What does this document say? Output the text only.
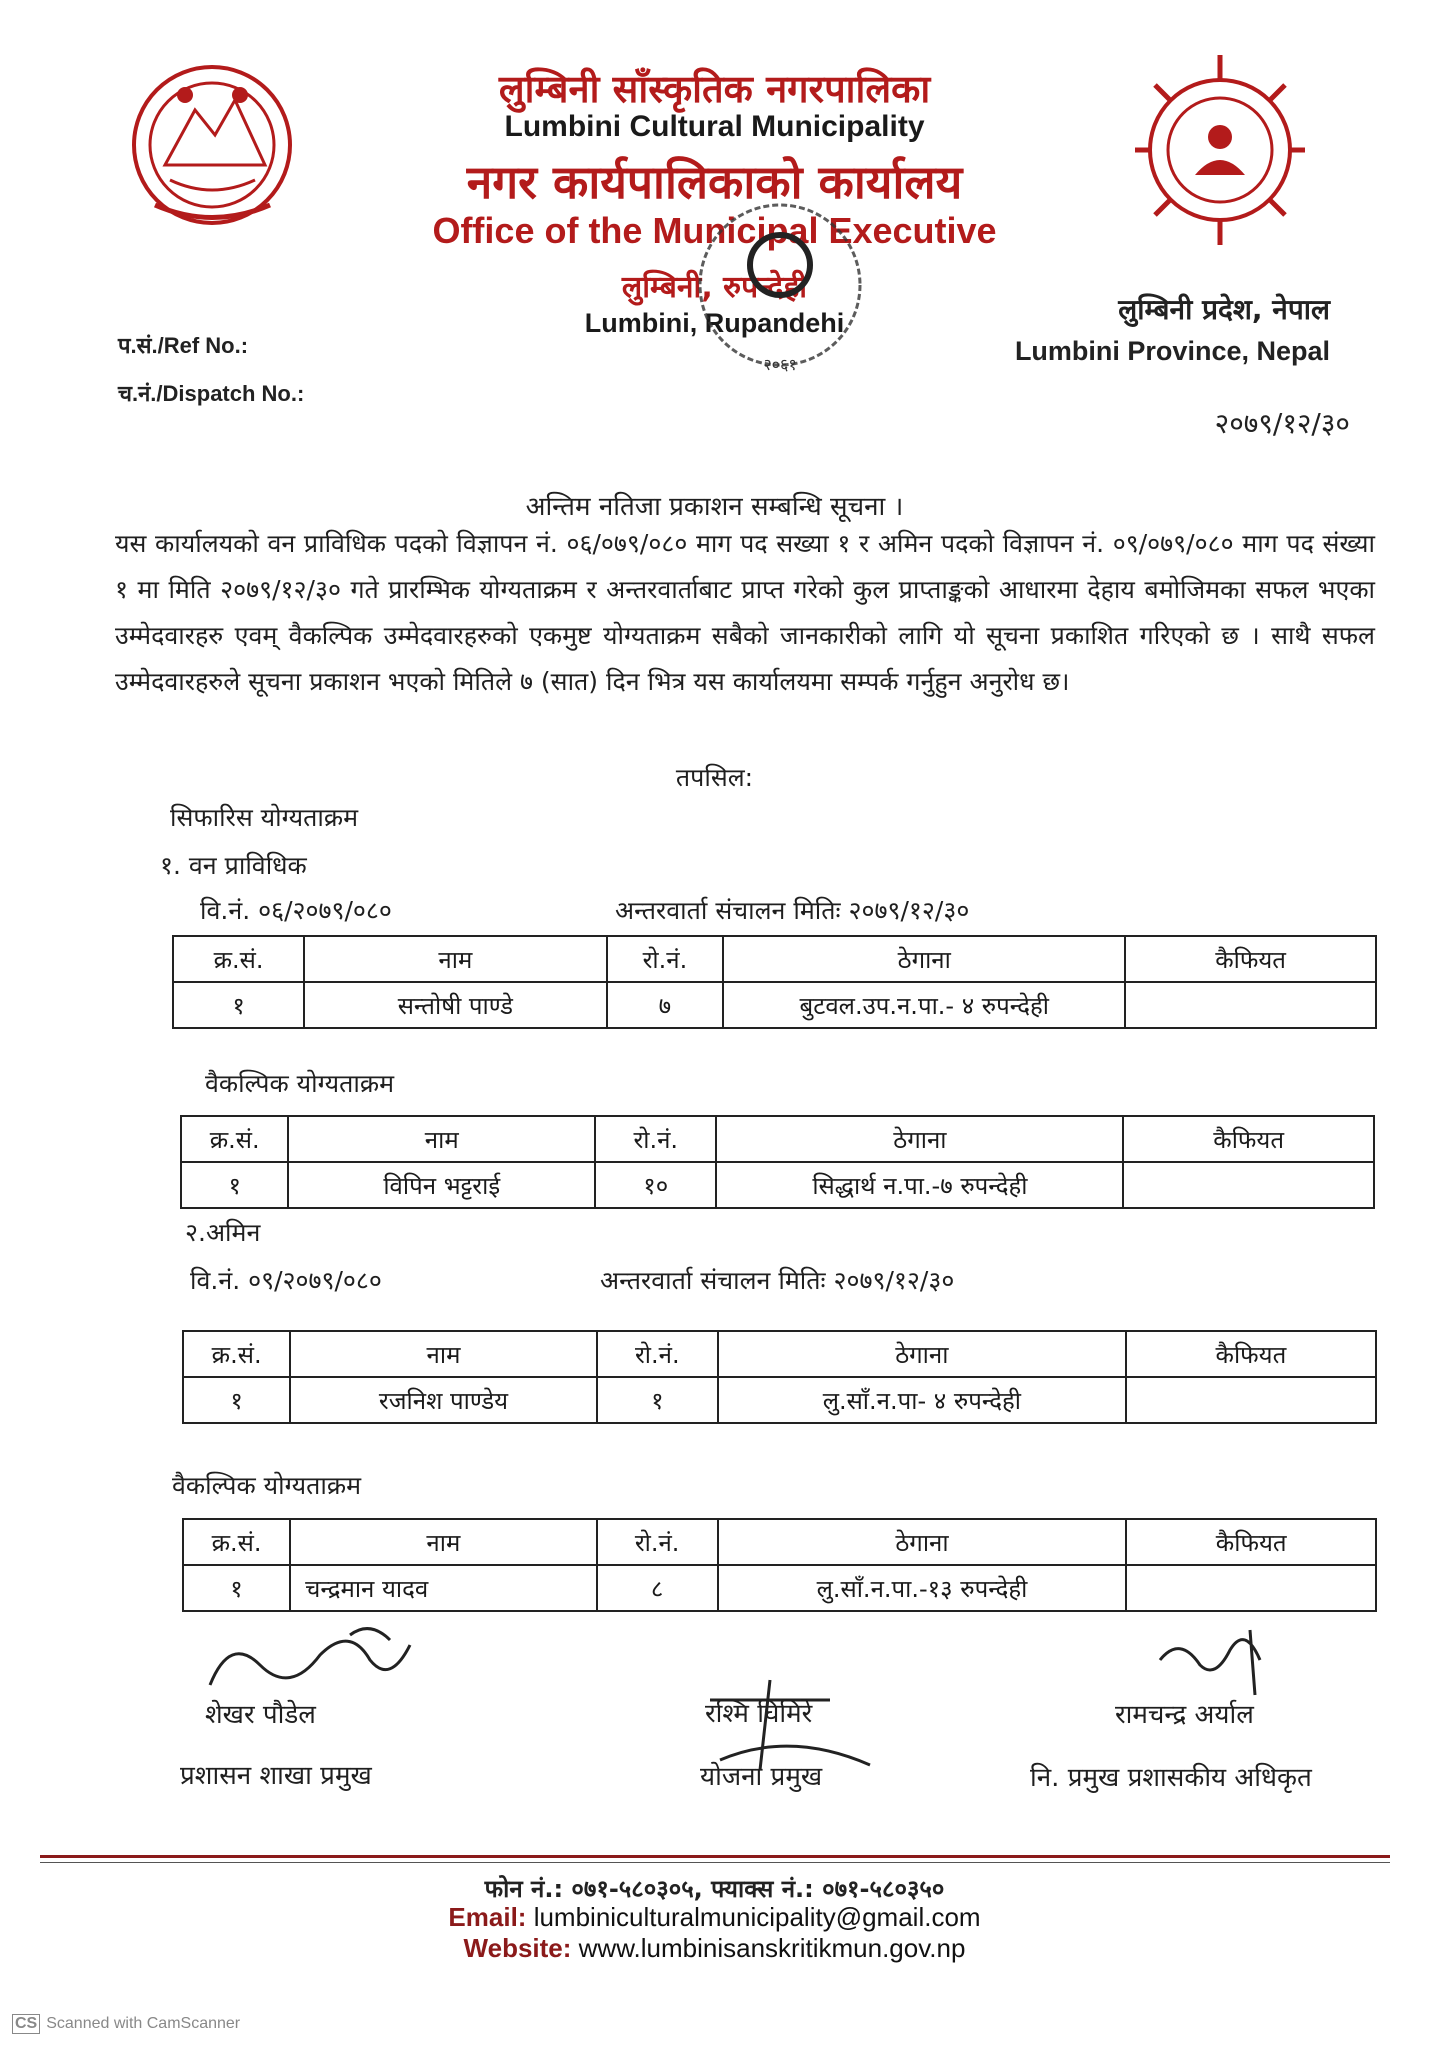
लुम्बिनी साँस्कृतिक नगरपालिका
Lumbini Cultural Municipality
नगर कार्यपालिकाको कार्यालय
Office of the Municipal Executive
लुम्बिनी, रुपन्देही
Lumbini, Rupandehi
२०६१
लुम्बिनी प्रदेश, नेपाल
Lumbini Province, Nepal
प.सं./Ref No.:
च.नं./Dispatch No.:
२०७९/१२/३०
अन्तिम नतिजा प्रकाशन सम्बन्धि सूचना ।
यस कार्यालयको वन प्राविधिक पदको विज्ञापन नं. ०६/०७९/०८० माग पद सख्या १ र अमिन पदको विज्ञापन नं. ०९/०७९/०८० माग पद संख्या १ मा मिति २०७९/१२/३० गते प्रारम्भिक योग्यताक्रम र अन्तरवार्ताबाट प्राप्त गरेको कुल प्राप्ताङ्कको आधारमा देहाय बमोजिमका सफल भएका उम्मेदवारहरु एवम् वैकल्पिक उम्मेदवारहरुको एकमुष्ट योग्यताक्रम सबैको जानकारीको लागि यो सूचना प्रकाशित गरिएको छ । साथै सफल उम्मेदवारहरुले सूचना प्रकाशन भएको मितिले ७ (सात) दिन भित्र यस कार्यालयमा सम्पर्क गर्नुहुन अनुरोध छ।
तपसिल:
सिफारिस योग्यताक्रम
१. वन प्राविधिक
वि.नं. ०६/२०७९/०८०	अन्तरवार्ता संचालन मितिः २०७९/१२/३०
क्र.सं.	नाम	रो.नं.	ठेगाना	कैफियत
१	सन्तोषी पाण्डे	७	बुटवल.उप.न.पा.- ४ रुपन्देही	
वैकल्पिक योग्यताक्रम
क्र.सं.	नाम	रो.नं.	ठेगाना	कैफियत
१	विपिन भट्टराई	१०	सिद्धार्थ न.पा.-७ रुपन्देही	
२.अमिन
वि.नं. ०९/२०७९/०८०	अन्तरवार्ता संचालन मितिः २०७९/१२/३०
क्र.सं.	नाम	रो.नं.	ठेगाना	कैफियत
१	रजनिश पाण्डेय	१	लु.साँ.न.पा- ४ रुपन्देही	
वैकल्पिक योग्यताक्रम
क्र.सं.	नाम	रो.नं.	ठेगाना	कैफियत
१	चन्द्रमान यादव	८	लु.साँ.न.पा.-१३ रुपन्देही	
शेखर पौडेल
प्रशासन शाखा प्रमुख
रश्मि घिमिरे
योजना प्रमुख
रामचन्द्र अर्याल
नि. प्रमुख प्रशासकीय अधिकृत
फोन नं.: ०७१-५८०३०५, फ्याक्स नं.: ०७१-५८०३५०
Email: lumbiniculturalmunicipality@gmail.com
Website: www.lumbinisanskritikmun.gov.np
CS Scanned with CamScanner
